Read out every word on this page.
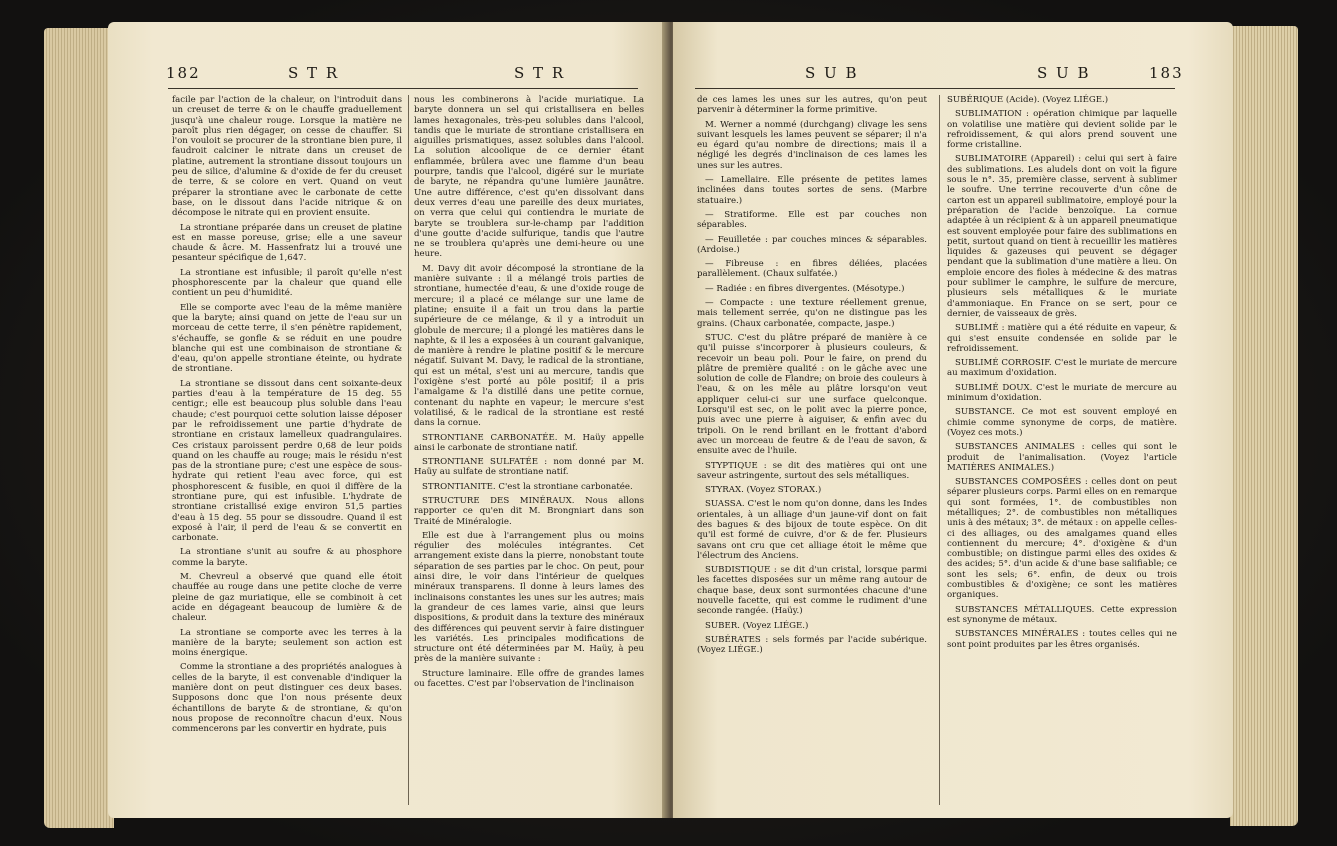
182	S T R	S T R

facile par l'action de la chaleur, on l'introduit dans un creuset de terre & on le chauffe graduellement jusqu'à une chaleur rouge. Lorsque la matière ne paroît plus rien dégager, on cesse de chauffer. Si l'on vouloit se procurer de la strontiane bien pure, il faudroit calciner le nitrate dans un creuset de platine, autrement la strontiane dissout toujours un peu de silice, d'alumine & d'oxide de fer du creuset de terre, & se colore en vert. Quand on veut préparer la strontiane avec le carbonate de cette base, on le dissout dans l'acide nitrique & on décompose le nitrate qui en provient ensuite.

La strontiane préparée dans un creuset de platine est en masse poreuse, grise; elle a une saveur chaude & âcre. M. Hassenfratz lui a trouvé une pesanteur spécifique de 1,647.

La strontiane est infusible; il paroît qu'elle n'est phosphorescente par la chaleur que quand elle contient un peu d'humidité.

Elle se comporte avec l'eau de la même manière que la baryte; ainsi quand on jette de l'eau sur un morceau de cette terre, il s'en pénètre rapidement, s'échauffe, se gonfle & se réduit en une poudre blanche qui est une combinaison de strontiane & d'eau, qu'on appelle strontiane éteinte, ou hydrate de strontiane.

La strontiane se dissout dans cent soixante-deux parties d'eau à la température de 15 deg. 55 centigr.; elle est beaucoup plus soluble dans l'eau chaude; c'est pourquoi cette solution laisse déposer par le refroidissement une partie d'hydrate de strontiane en cristaux lamelleux quadrangulaires. Ces cristaux paroissent perdre 0,68 de leur poids quand on les chauffe au rouge; mais le résidu n'est pas de la strontiane pure; c'est une espèce de sous-hydrate qui retient l'eau avec force, qui est phosphorescent & fusible, en quoi il diffère de la strontiane pure, qui est infusible. L'hydrate de strontiane cristallisé exige environ 51,5 parties d'eau à 15 deg. 55 pour se dissoudre. Quand il est exposé à l'air, il perd de l'eau & se convertit en carbonate.

La strontiane s'unit au soufre & au phosphore comme la baryte.

M. Chevreul a observé que quand elle étoit chauffée au rouge dans une petite cloche de verre pleine de gaz muriatique, elle se combinoit à cet acide en dégageant beaucoup de lumière & de chaleur.

La strontiane se comporte avec les terres à la manière de la baryte; seulement son action est moins énergique.

Comme la strontiane a des propriétés analogues à celles de la baryte, il est convenable d'indiquer la manière dont on peut distinguer ces deux bases. Supposons donc que l'on nous présente deux échantillons de baryte & de strontiane, & qu'on nous propose de reconnoître chacun d'eux. Nous commencerons par les convertir en hydrate, puis

nous les combinerons à l'acide muriatique. La baryte donnera un sel qui cristallisera en belles lames hexagonales, très-peu solubles dans l'alcool, tandis que le muriate de strontiane cristallisera en aiguilles prismatiques, assez solubles dans l'alcool. La solution alcoolique de ce dernier étant enflammée, brûlera avec une flamme d'un beau pourpre, tandis que l'alcool, digéré sur le muriate de baryte, ne répandra qu'une lumière jaunâtre. Une autre différence, c'est qu'en dissolvant dans deux verres d'eau une pareille des deux muriates, on verra que celui qui contiendra le muriate de baryte se troublera sur-le-champ par l'addition d'une goutte d'acide sulfurique, tandis que l'autre ne se troublera qu'après une demi-heure ou une heure.

M. Davy dit avoir décomposé la strontiane de la manière suivante : il a mélangé trois parties de strontiane, humectée d'eau, & une d'oxide rouge de mercure; il a placé ce mélange sur une lame de platine; ensuite il a fait un trou dans la partie supérieure de ce mélange, & il y a introduit un globule de mercure; il a plongé les matières dans le naphte, & il les a exposées à un courant galvanique, de manière à rendre le platine positif & le mercure négatif. Suivant M. Davy, le radical de la strontiane, qui est un métal, s'est uni au mercure, tandis que l'oxigène s'est porté au pôle positif; il a pris l'amalgame & l'a distillé dans une petite cornue, contenant du naphte en vapeur; le mercure s'est volatilisé, & le radical de la strontiane est resté dans la cornue.

STRONTIANE CARBONATÉE. M. Haüy appelle ainsi le carbonate de strontiane natif.

STRONTIANE SULFATÉE : nom donné par M. Haüy au sulfate de strontiane natif.

STRONTIANITE. C'est la strontiane carbonatée.

STRUCTURE DES MINÉRAUX. Nous allons rapporter ce qu'en dit M. Brongniart dans son Traité de Minéralogie.

Elle est due à l'arrangement plus ou moins régulier des molécules intégrantes. Cet arrangement existe dans la pierre, nonobstant toute séparation de ses parties par le choc. On peut, pour ainsi dire, le voir dans l'intérieur de quelques minéraux transparens. Il donne à leurs lames des inclinaisons constantes les unes sur les autres; mais la grandeur de ces lames varie, ainsi que leurs dispositions, & produit dans la texture des minéraux des différences qui peuvent servir à faire distinguer les variétés. Les principales modifications de structure ont été déterminées par M. Haüy, à peu près de la manière suivante :

Structure laminaire. Elle offre de grandes lames ou facettes. C'est par l'observation de l'inclinaison

S U B	S U B	183

de ces lames les unes sur les autres, qu'on peut parvenir à déterminer la forme primitive.

M. Werner a nommé (durchgang) clivage les sens suivant lesquels les lames peuvent se séparer; il n'a eu égard qu'au nombre de directions; mais il a négligé les degrés d'inclinaison de ces lames les unes sur les autres.

— Lamellaire. Elle présente de petites lames inclinées dans toutes sortes de sens. (Marbre statuaire.)

— Stratiforme. Elle est par couches non séparables.

— Feuilletée : par couches minces & séparables. (Ardoise.)

— Fibreuse : en fibres déliées, placées parallèlement. (Chaux sulfatée.)

— Radiée : en fibres divergentes. (Mésotype.)

— Compacte : une texture réellement grenue, mais tellement serrée, qu'on ne distingue pas les grains. (Chaux carbonatée, compacte, jaspe.)

STUC. C'est du plâtre préparé de manière à ce qu'il puisse s'incorporer à plusieurs couleurs, & recevoir un beau poli. Pour le faire, on prend du plâtre de première qualité : on le gâche avec une solution de colle de Flandre; on broie des couleurs à l'eau, & on les mêle au plâtre lorsqu'on veut appliquer celui-ci sur une surface quelconque. Lorsqu'il est sec, on le polit avec la pierre ponce, puis avec une pierre à aiguiser, & enfin avec du tripoli. On le rend brillant en le frottant d'abord avec un morceau de feutre & de l'eau de savon, & ensuite avec de l'huile.

STYPTIQUE : se dit des matières qui ont une saveur astringente, surtout des sels métalliques.

STYRAX. (Voyez STORAX.)

SUASSA. C'est le nom qu'on donne, dans les Indes orientales, à un alliage d'un jaune-vif dont on fait des bagues & des bijoux de toute espèce. On dit qu'il est formé de cuivre, d'or & de fer. Plusieurs savans ont cru que cet alliage étoit le même que l'électrum des Anciens.

SUBDISTIQUE : se dit d'un cristal, lorsque parmi les facettes disposées sur un même rang autour de chaque base, deux sont surmontées chacune d'une nouvelle facette, qui est comme le rudiment d'une seconde rangée. (Haüy.)

SUBER. (Voyez LIÉGE.)

SUBÉRATES : sels formés par l'acide subérique. (Voyez LIÉGE.)

SUBÉRIQUE (Acide). (Voyez LIÉGE.)

SUBLIMATION : opération chimique par laquelle on volatilise une matière qui devient solide par le refroidissement, & qui alors prend souvent une forme cristalline.

SUBLIMATOIRE (Appareil) : celui qui sert à faire des sublimations. Les aludels dont on voit la figure sous le n°. 35, première classe, servent à sublimer le soufre. Une terrine recouverte d'un cône de carton est un appareil sublimatoire, employé pour la préparation de l'acide benzoïque. La cornue adaptée à un récipient & à un appareil pneumatique est souvent employée pour faire des sublimations en petit, surtout quand on tient à recueillir les matières liquides & gazeuses qui peuvent se dégager pendant que la sublimation d'une matière a lieu. On emploie encore des fioles à médecine & des matras pour sublimer le camphre, le sulfure de mercure, plusieurs sels métalliques & le muriate d'ammoniaque. En France on se sert, pour ce dernier, de vaisseaux de grès.

SUBLIMÉ : matière qui a été réduite en vapeur, & qui s'est ensuite condensée en solide par le refroidissement.

SUBLIMÉ CORROSIF. C'est le muriate de mercure au maximum d'oxidation.

SUBLIMÉ DOUX. C'est le muriate de mercure au minimum d'oxidation.

SUBSTANCE. Ce mot est souvent employé en chimie comme synonyme de corps, de matière. (Voyez ces mots.)

SUBSTANCES ANIMALES : celles qui sont le produit de l'animalisation. (Voyez l'article MATIÈRES ANIMALES.)

SUBSTANCES COMPOSÉES : celles dont on peut séparer plusieurs corps. Parmi elles on en remarque qui sont formées, 1°. de combustibles non métalliques; 2°. de combustibles non métalliques unis à des métaux; 3°. de métaux : on appelle celles-ci des alliages, ou des amalgames quand elles contiennent du mercure; 4°. d'oxigène & d'un combustible; on distingue parmi elles des oxides & des acides; 5°. d'un acide & d'une base salifiable; ce sont les sels; 6°. enfin, de deux ou trois combustibles & d'oxigène; ce sont les matières organiques.

SUBSTANCES MÉTALLIQUES. Cette expression est synonyme de métaux.

SUBSTANCES MINÉRALES : toutes celles qui ne sont point produites par les êtres organisés.
